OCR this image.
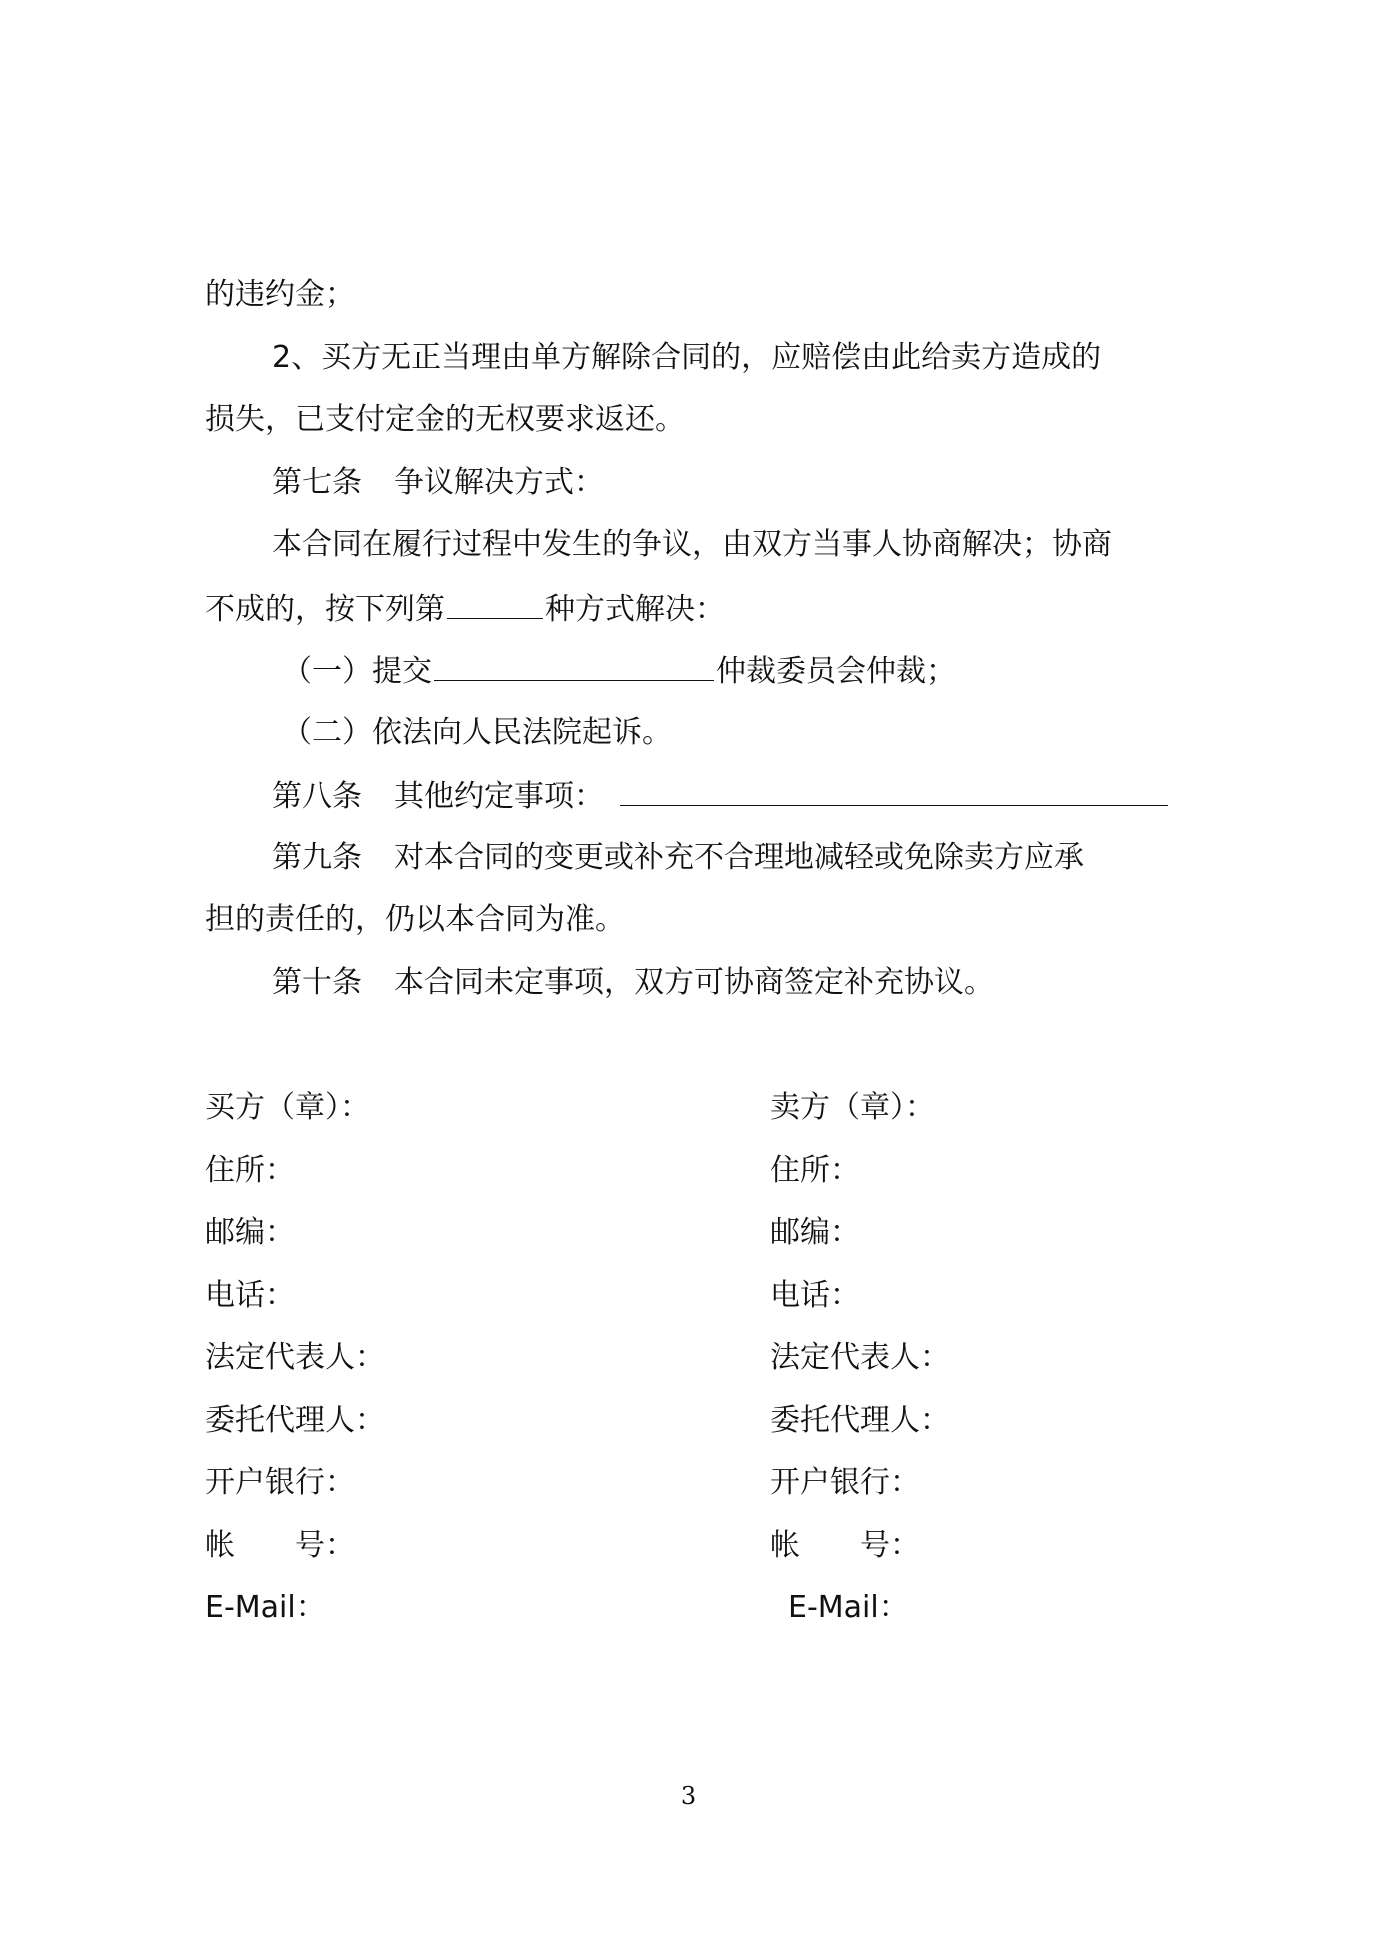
的违约金；
2、买方无正当理由单方解除合同的，应赔偿由此给卖方造成的
损失，已支付定金的无权要求返还。
第七条 争议解决方式：
本合同在履行过程中发生的争议，由双方当事人协商解决；协商
不成的，按下列第	种方式解决：
（一）提交	仲裁委员会仲裁；
（二）依法向人民法院起诉。
第八条 其他约定事项：
第九条 对本合同的变更或补充不合理地减轻或免除卖方应承
担的责任的，仍以本合同为准。
第十条 本合同未定事项，双方可协商签定补充协议。
买方（章）：
住所：
邮编：
电话：
法定代表人：
委托代理人：
开户银行：
帐 号：
E-Mail：
卖方（章）：
住所：
邮编：
电话：
法定代表人：
委托代理人：
开户银行：
帐 号：
E-Mail：
3
